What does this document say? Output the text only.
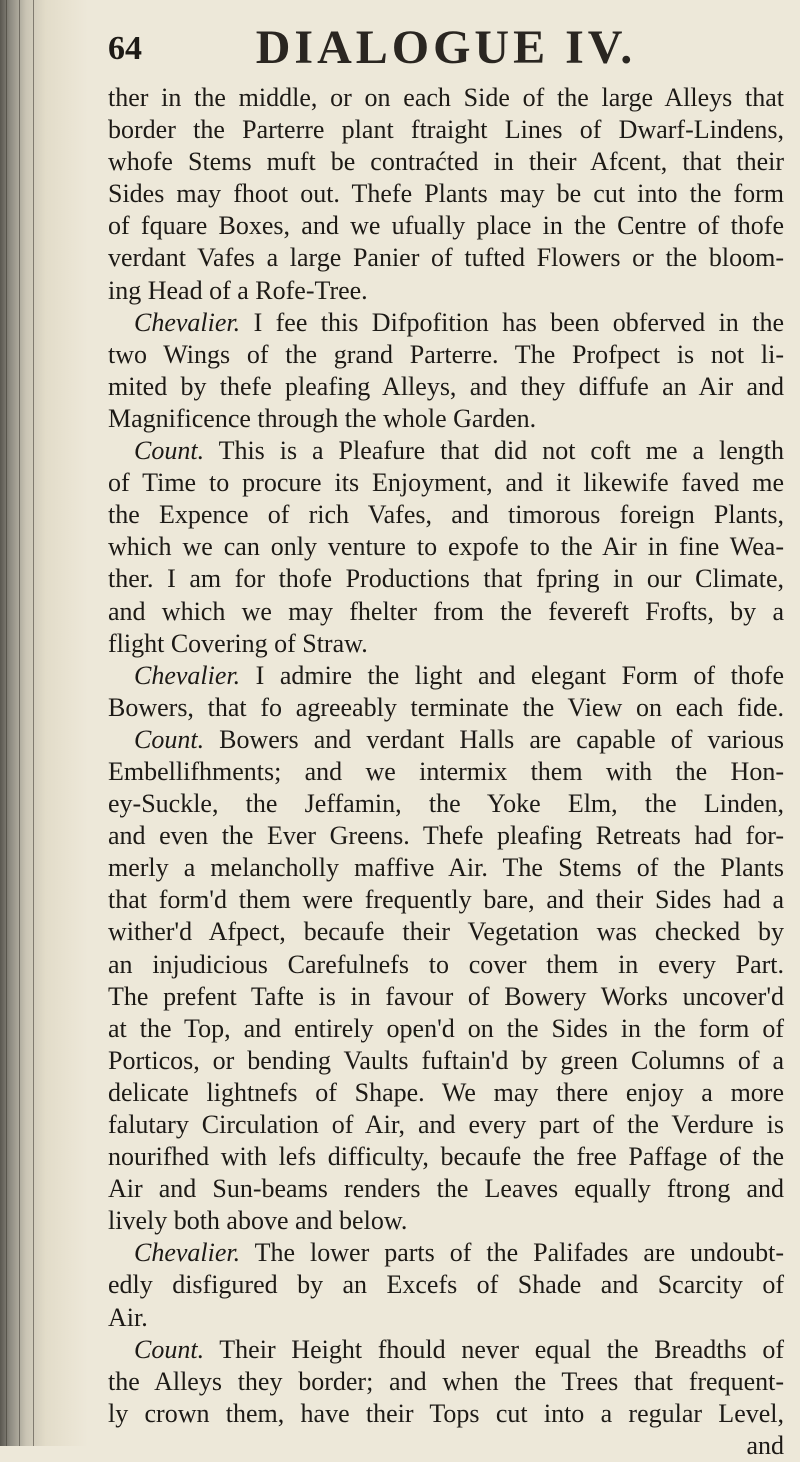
64	DIALOGUE IV.
ther in the middle, or on each Side of the large Alleys that
border the Parterre plant ftraight Lines of Dwarf-Lindens,
whofe Stems muft be contraćted in their Afcent, that their
Sides may fhoot out. Thefe Plants may be cut into the form
of fquare Boxes, and we ufually place in the Centre of thofe
verdant Vafes a large Panier of tufted Flowers or the bloom-
ing Head of a Rofe-Tree.
Chevalier. I fee this Difpofition has been obferved in the
two Wings of the grand Parterre. The Profpect is not li-
mited by thefe pleafing Alleys, and they diffufe an Air and
Magnificence through the whole Garden.
Count. This is a Pleafure that did not coft me a length
of Time to procure its Enjoyment, and it likewife faved me
the Expence of rich Vafes, and timorous foreign Plants,
which we can only venture to expofe to the Air in fine Wea-
ther. I am for thofe Productions that fpring in our Climate,
and which we may fhelter from the fevereft Frofts, by a
flight Covering of Straw.
Chevalier. I admire the light and elegant Form of thofe
Bowers, that fo agreeably terminate the View on each fide.
Count. Bowers and verdant Halls are capable of various
Embellifhments; and we intermix them with the Hon-
ey-Suckle, the Jeffamin, the Yoke Elm, the Linden,
and even the Ever Greens. Thefe pleafing Retreats had for-
merly a melancholly maffive Air. The Stems of the Plants
that form'd them were frequently bare, and their Sides had a
wither'd Afpect, becaufe their Vegetation was checked by
an injudicious Carefulnefs to cover them in every Part.
The prefent Tafte is in favour of Bowery Works uncover'd
at the Top, and entirely open'd on the Sides in the form of
Porticos, or bending Vaults fuftain'd by green Columns of a
delicate lightnefs of Shape. We may there enjoy a more
falutary Circulation of Air, and every part of the Verdure is
nourifhed with lefs difficulty, becaufe the free Paffage of the
Air and Sun-beams renders the Leaves equally ftrong and
lively both above and below.
Chevalier. The lower parts of the Palifades are undoubt-
edly disfigured by an Excefs of Shade and Scarcity of
Air.
Count. Their Height fhould never equal the Breadths of
the Alleys they border; and when the Trees that frequent-
ly crown them, have their Tops cut into a regular Level,
and
